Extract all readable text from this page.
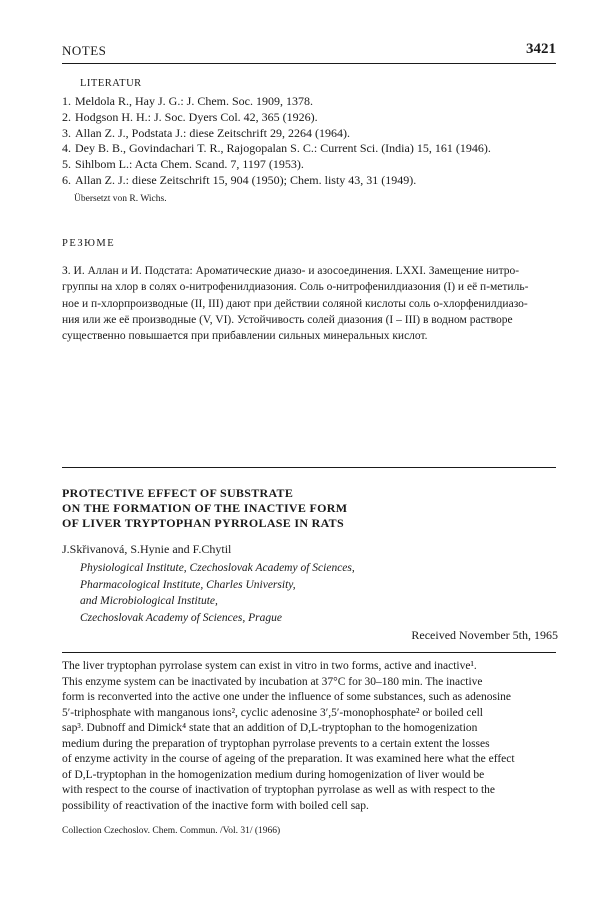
NOTES	3421
LITERATUR
1. Meldola R., Hay J. G.: J. Chem. Soc. 1909, 1378.
2. Hodgson H. H.: J. Soc. Dyers Col. 42, 365 (1926).
3. Allan Z. J., Podstata J.: diese Zeitschrift 29, 2264 (1964).
4. Dey B. B., Govindachari T. R., Rajogopalan S. C.: Current Sci. (India) 15, 161 (1946).
5. Sihlbom L.: Acta Chem. Scand. 7, 1197 (1953).
6. Allan Z. J.: diese Zeitschrift 15, 904 (1950); Chem. listy 43, 31 (1949).
Übersetzt von R. Wichs.
РЕЗЮМЕ
З. И. Аллан и И. Подстата: Ароматические диазо- и азосоединения. LXXI. Замещение нитро-
группы на хлор в солях о-нитрофенилдиазония. Соль о-нитрофенилдиазония (I) и её п-метиль-
ное и п-хлорпроизводные (II, III) дают при действии соляной кислоты соль о-хлорфенилдиазо-
ния или же её производные (V, VI). Устойчивость солей диазония (I – III) в водном растворе
существенно повышается при прибавлении сильных минеральных кислот.
PROTECTIVE EFFECT OF SUBSTRATE
ON THE FORMATION OF THE INACTIVE FORM
OF LIVER TRYPTOPHAN PYRROLASE IN RATS
J.Skřivanová, S.Hynie and F.Chytil
Physiological Institute, Czechoslovak Academy of Sciences,
Pharmacological Institute, Charles University,
and Microbiological Institute,
Czechoslovak Academy of Sciences, Prague
Received November 5th, 1965
The liver tryptophan pyrrolase system can exist in vitro in two forms, active and inactive¹.
This enzyme system can be inactivated by incubation at 37°C for 30–180 min. The inactive
form is reconverted into the active one under the influence of some substances, such as adenosine
5′-triphosphate with manganous ions², cyclic adenosine 3′,5′-monophosphate² or boiled cell
sap³. Dubnoff and Dimick⁴ state that an addition of D,L-tryptophan to the homogenization
medium during the preparation of tryptophan pyrrolase prevents to a certain extent the losses
of enzyme activity in the course of ageing of the preparation. It was examined here what the effect
of D,L-tryptophan in the homogenization medium during homogenization of liver would be
with respect to the course of inactivation of tryptophan pyrrolase as well as with respect to the
possibility of reactivation of the inactive form with boiled cell sap.
Collection Czechoslov. Chem. Commun. /Vol. 31/ (1966)
